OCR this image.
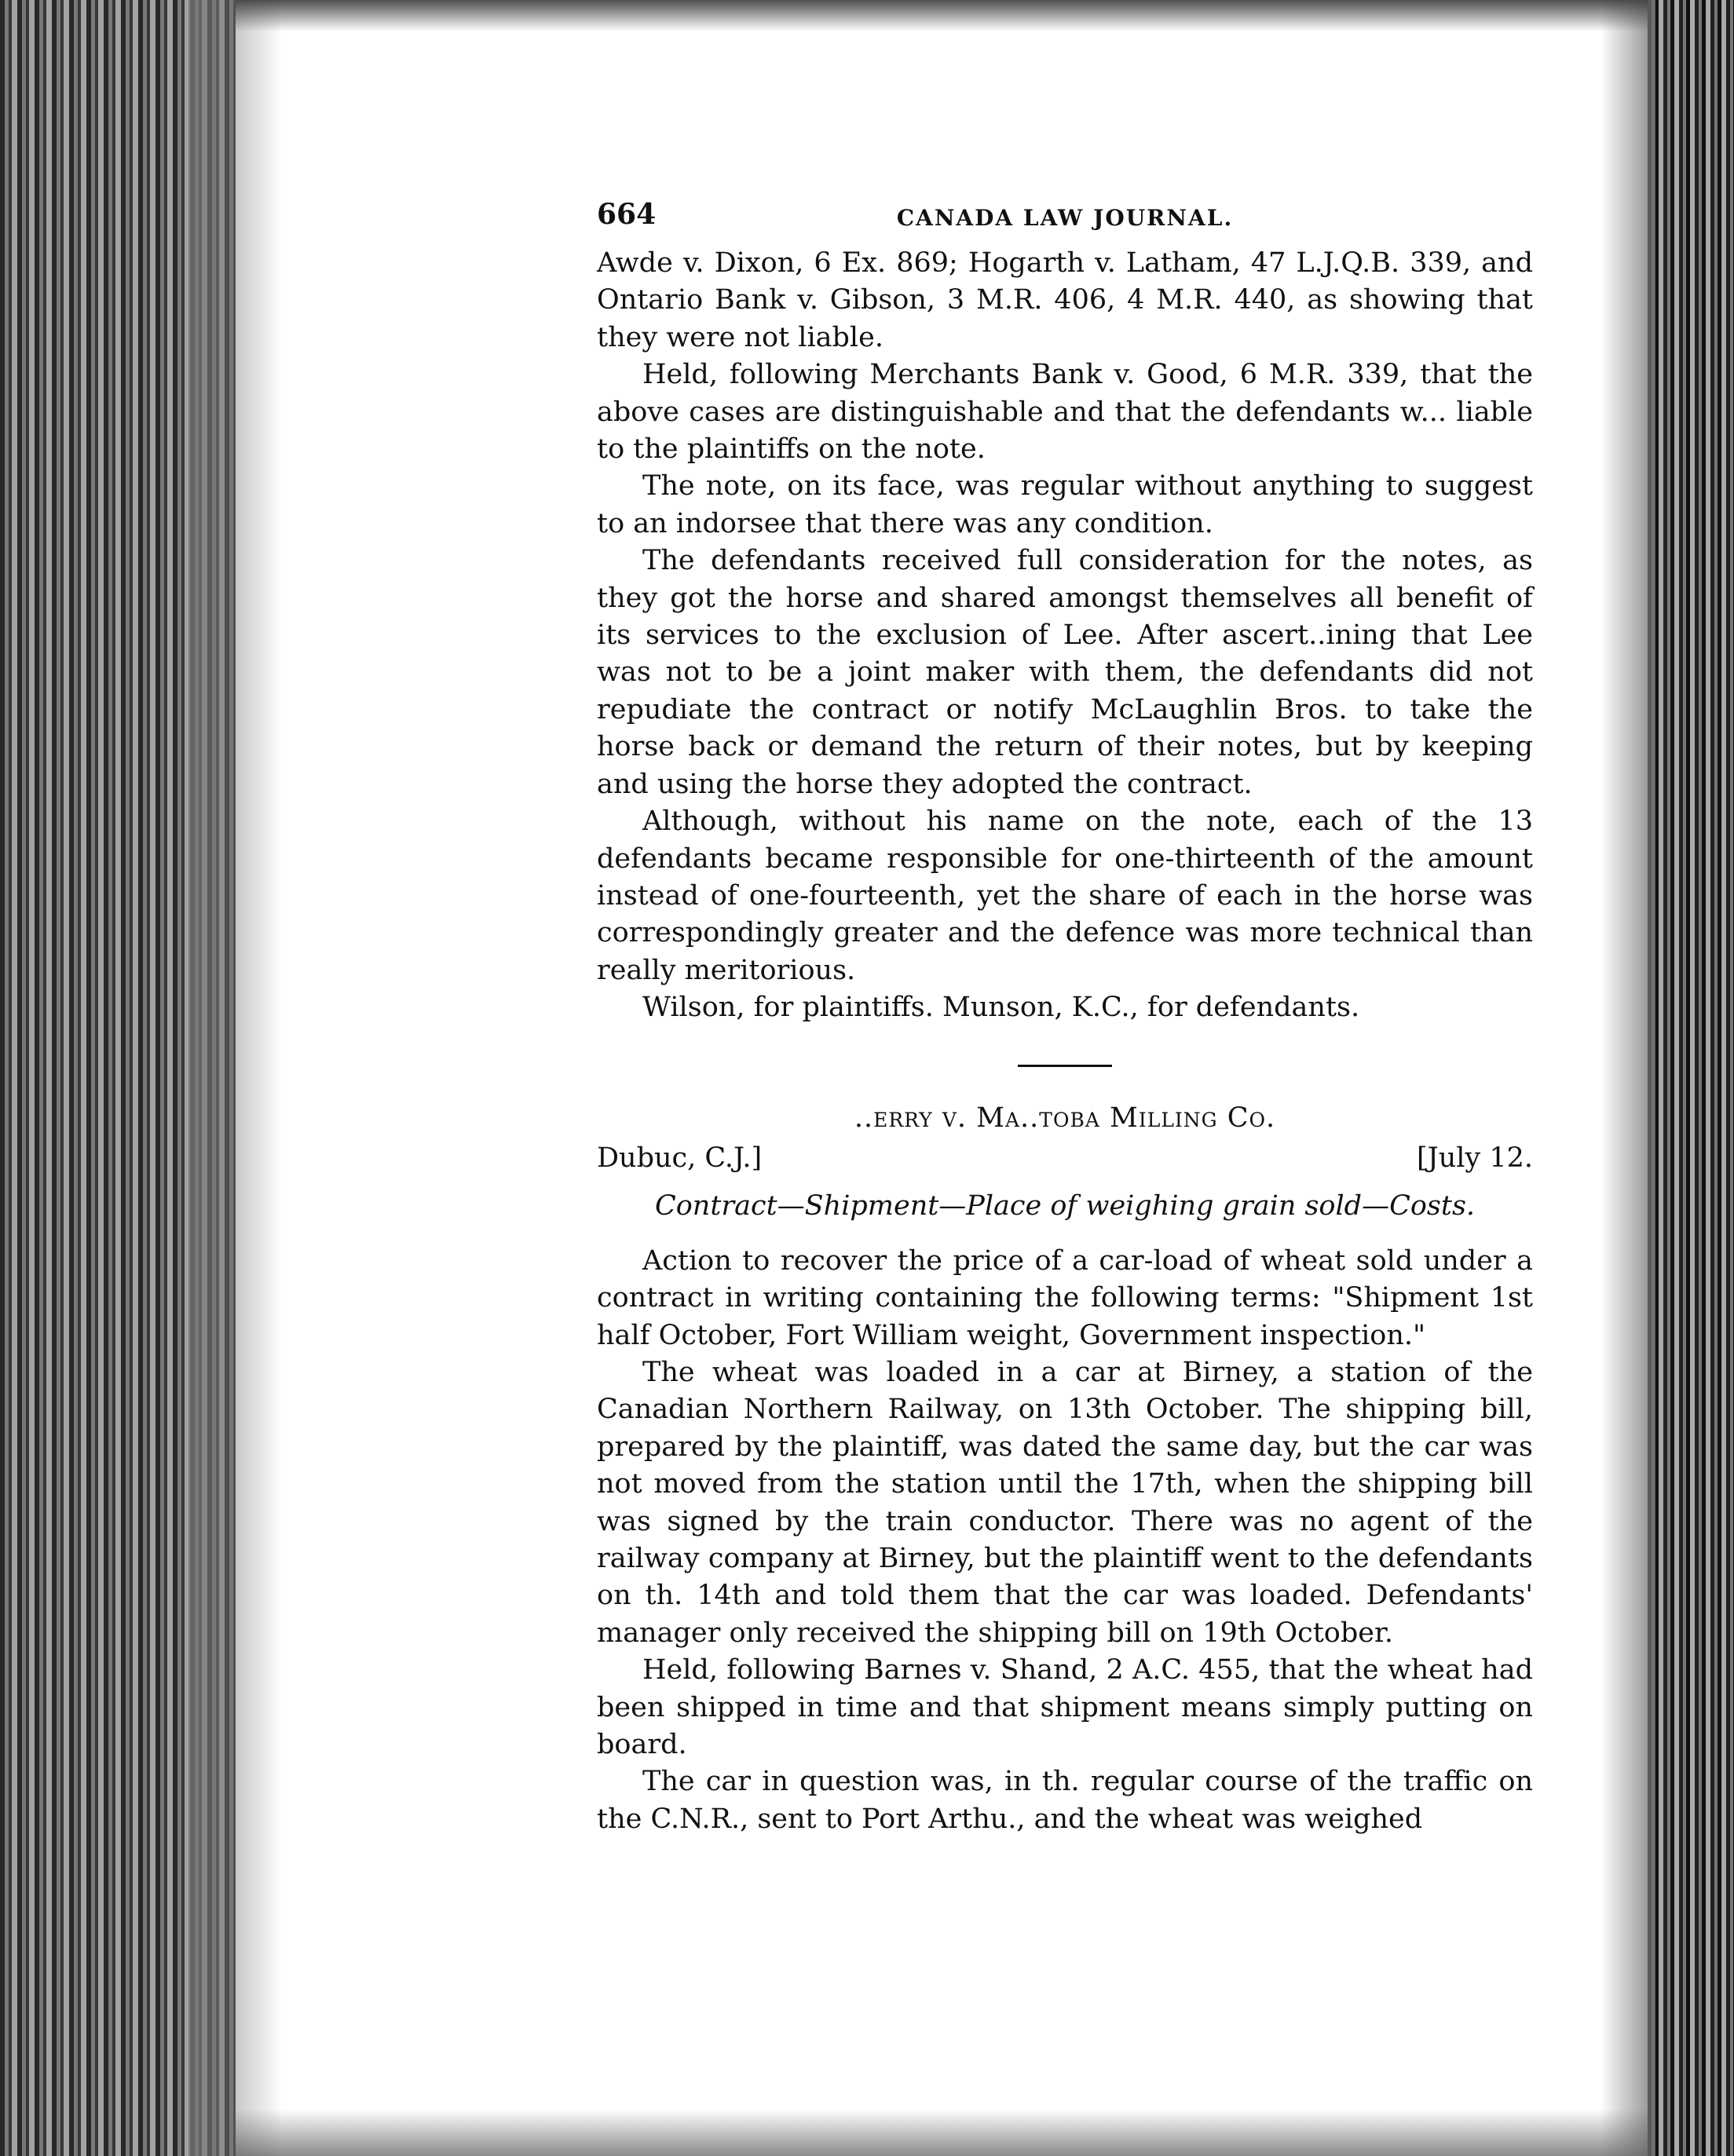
664	CANADA LAW JOURNAL.

Awde v. Dixon, 6 Ex. 869; Hogarth v. Latham, 47 L.J.Q.B. 339, and Ontario Bank v. Gibson, 3 M.R. 406, 4 M.R. 440, as showing that they were not liable.

Held, following Merchants Bank v. Good, 6 M.R. 339, that the above cases are distinguishable and that the defendants w... liable to the plaintiffs on the note.

The note, on its face, was regular without anything to suggest to an indorsee that there was any condition.

The defendants received full consideration for the notes, as they got the horse and shared amongst themselves all benefit of its services to the exclusion of Lee. After ascert..ining that Lee was not to be a joint maker with them, the defendants did not repudiate the contract or notify McLaughlin Bros. to take the horse back or demand the return of their notes, but by keeping and using the horse they adopted the contract.

Although, without his name on the note, each of the 13 defendants became responsible for one-thirteenth of the amount instead of one-fourteenth, yet the share of each in the horse was correspondingly greater and the defence was more technical than really meritorious.

Wilson, for plaintiffs. Munson, K.C., for defendants.

..erry v. Ma..toba Milling Co.
Dubuc, C.J.]	[July 12.
Contract—Shipment—Place of weighing grain sold—Costs.

Action to recover the price of a car-load of wheat sold under a contract in writing containing the following terms: "Shipment 1st half October, Fort William weight, Government inspection."

The wheat was loaded in a car at Birney, a station of the Canadian Northern Railway, on 13th October. The shipping bill, prepared by the plaintiff, was dated the same day, but the car was not moved from the station until the 17th, when the shipping bill was signed by the train conductor. There was no agent of the railway company at Birney, but the plaintiff went to the defendants on th. 14th and told them that the car was loaded. Defendants' manager only received the shipping bill on 19th October.

Held, following Barnes v. Shand, 2 A.C. 455, that the wheat had been shipped in time and that shipment means simply putting on board.

The car in question was, in th. regular course of the traffic on the C.N.R., sent to Port Arthu., and the wheat was weighed
